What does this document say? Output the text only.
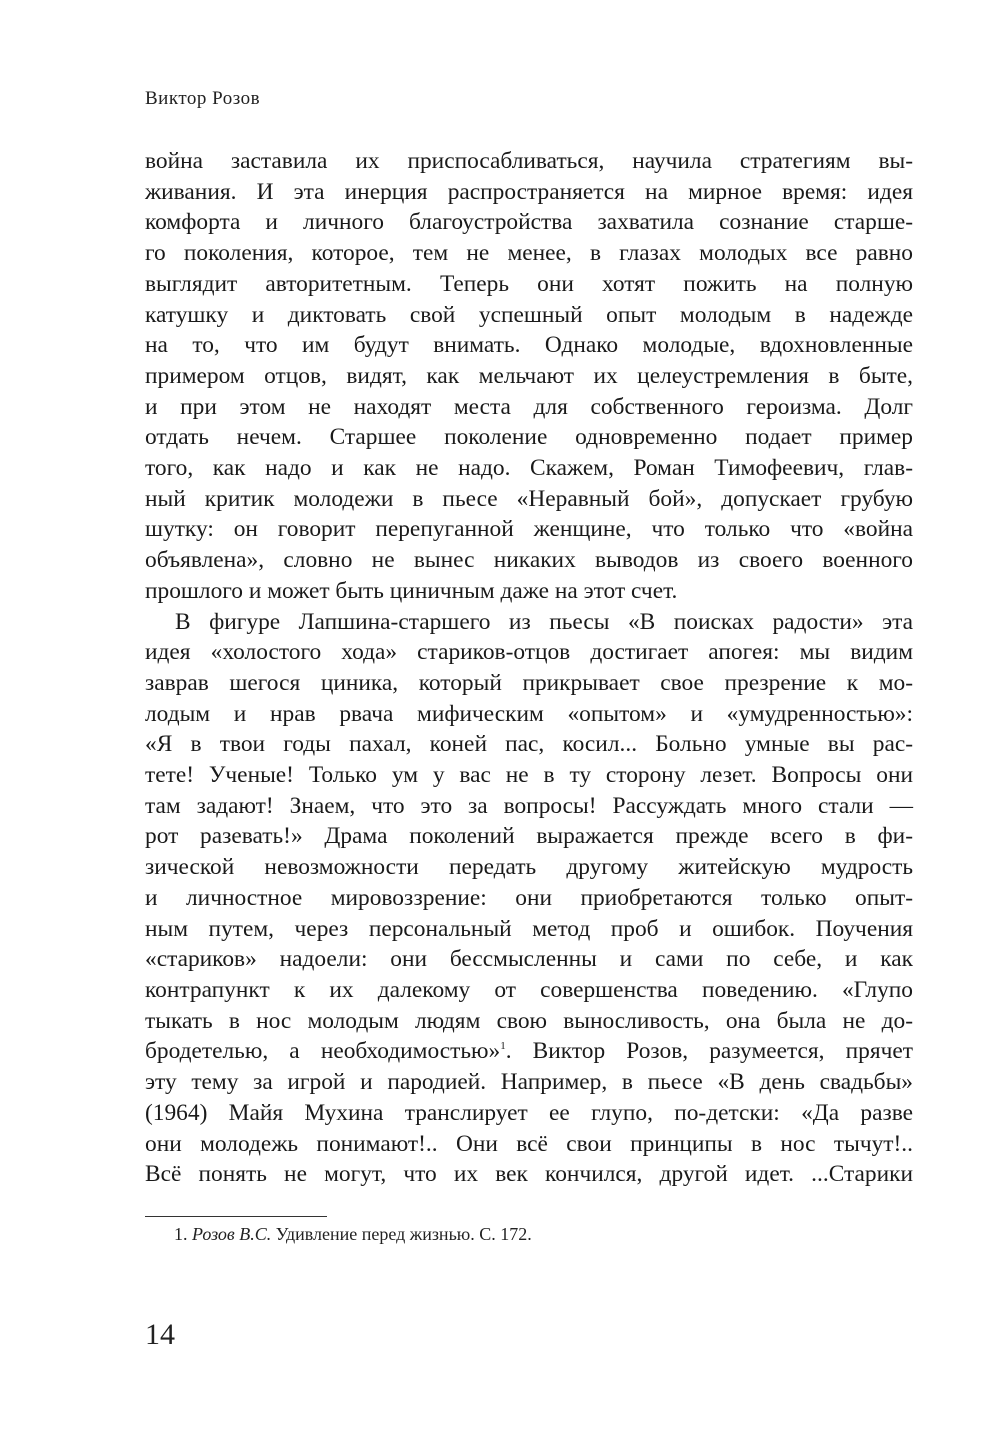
Виктор Розов
война заставила их приспосабливаться, научила стратегиям вы-
живания. И эта инерция распространяется на мирное время: идея
комфорта и личного благоустройства захватила сознание старше-
го поколения, которое, тем не менее, в глазах молодых все равно
выглядит авторитетным. Теперь они хотят пожить на полную
катушку и диктовать свой успешный опыт молодым в надежде
на то, что им будут внимать. Однако молодые, вдохновленные
примером отцов, видят, как мельчают их целеустремления в быте,
и при этом не находят места для собственного героизма. Долг
отдать нечем. Старшее поколение одновременно подает пример
того, как надо и как не надо. Скажем, Роман Тимофеевич, глав-
ный критик молодежи в пьесе «Неравный бой», допускает грубую
шутку: он говорит перепуганной женщине, что только что «война
объявлена», словно не вынес никаких выводов из своего военного
прошлого и может быть циничным даже на этот счет.
В фигуре Лапшина-старшего из пьесы «В поисках радости» эта
идея «холостого хода» стариков-отцов достигает апогея: мы видим
заврав шегося циника, который прикрывает свое презрение к мо-
лодым и нрав рвача мифическим «опытом» и «умудренностью»:
«Я в твои годы пахал, коней пас, косил... Больно умные вы рас-
тете! Ученые! Только ум у вас не в ту сторону лезет. Вопросы они
там задают! Знаем, что это за вопросы! Рассуждать много стали —
рот разевать!» Драма поколений выражается прежде всего в фи-
зической невозможности передать другому житейскую мудрость
и личностное мировоззрение: они приобретаются только опыт-
ным путем, через персональный метод проб и ошибок. Поучения
«стариков» надоели: они бессмысленны и сами по себе, и как
контрапункт к их далекому от совершенства поведению. «Глупо
тыкать в нос молодым людям свою выносливость, она была не до-
бродетелью, а необходимостью»$^1$. Виктор Розов, разумеется, прячет
эту тему за игрой и пародией. Например, в пьесе «В день свадьбы»
(1964) Майя Мухина транслирует ее глупо, по-детски: «Да разве
они молодежь понимают!.. Они всё свои принципы в нос тычут!..
Всё понять не могут, что их век кончился, другой идет. ...Старики
1. Розов В.С. Удивление перед жизнью. С. 172.
14
